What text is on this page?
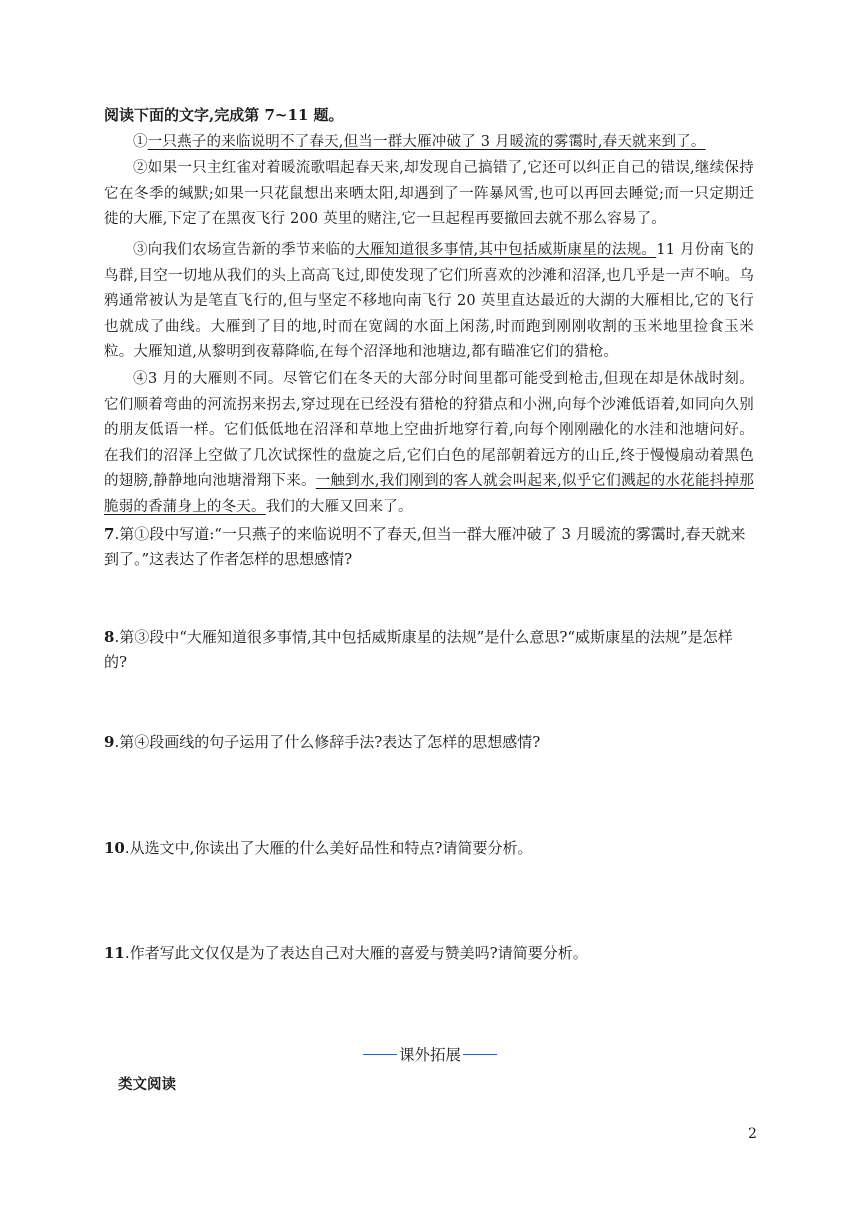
阅读下面的文字,完成第 7~11 题。
①一只燕子的来临说明不了春天,但当一群大雁冲破了 3 月暖流的雾霭时,春天就来到了。
②如果一只主红雀对着暖流歌唱起春天来,却发现自己搞错了,它还可以纠正自己的错误,继续保持它在冬季的缄默;如果一只花鼠想出来晒太阳,却遇到了一阵暴风雪,也可以再回去睡觉;而一只定期迁徙的大雁,下定了在黑夜飞行 200 英里的赌注,它一旦起程再要撤回去就不那么容易了。
③向我们农场宣告新的季节来临的大雁知道很多事情,其中包括威斯康星的法规。11 月份南飞的鸟群,目空一切地从我们的头上高高飞过,即使发现了它们所喜欢的沙滩和沼泽,也几乎是一声不响。乌鸦通常被认为是笔直飞行的,但与坚定不移地向南飞行 20 英里直达最近的大湖的大雁相比,它的飞行也就成了曲线。大雁到了目的地,时而在宽阔的水面上闲荡,时而跑到刚刚收割的玉米地里捡食玉米粒。大雁知道,从黎明到夜幕降临,在每个沼泽地和池塘边,都有瞄准它们的猎枪。
④3 月的大雁则不同。尽管它们在冬天的大部分时间里都可能受到枪击,但现在却是休战时刻。它们顺着弯曲的河流拐来拐去,穿过现在已经没有猎枪的狩猎点和小洲,向每个沙滩低语着,如同向久别的朋友低语一样。它们低低地在沼泽和草地上空曲折地穿行着,向每个刚刚融化的水洼和池塘问好。在我们的沼泽上空做了几次试探性的盘旋之后,它们白色的尾部朝着远方的山丘,终于慢慢扇动着黑色的翅膀,静静地向池塘滑翔下来。一触到水,我们刚到的客人就会叫起来,似乎它们溅起的水花能抖掉那脆弱的香蒲身上的冬天。我们的大雁又回来了。
7.第①段中写道:“一只燕子的来临说明不了春天,但当一群大雁冲破了 3 月暖流的雾霭时,春天就来到了。”这表达了作者怎样的思想感情?
8.第③段中“大雁知道很多事情,其中包括威斯康星的法规”是什么意思?“威斯康星的法规”是怎样的?
9.第④段画线的句子运用了什么修辞手法?表达了怎样的思想感情?
10.从选文中,你读出了大雁的什么美好品性和特点?请简要分析。
11.作者写此文仅仅是为了表达自己对大雁的喜爱与赞美吗?请简要分析。
课外拓展
类文阅读
2
